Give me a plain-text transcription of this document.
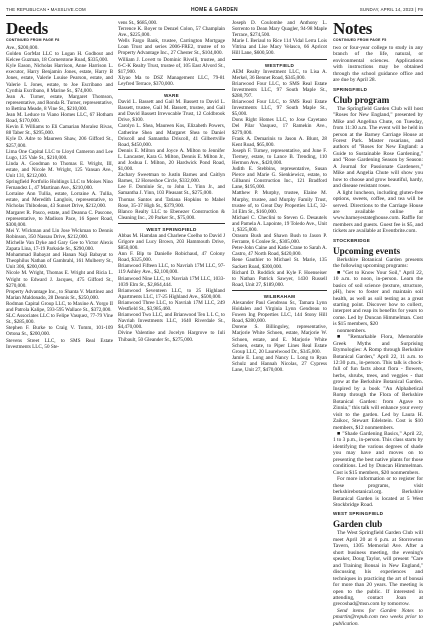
THE REPUBLICAN • MASSLIVE.COM	HOME & GARDEN	SUNDAY, APRIL 14, 2023 | F9
Deeds
CONTINUED FROM PAGE F8

Ave., $200,000.

Golden GorMat LLC to Logan H. Godbout and Kelcee Guzman, 18 Cornerstone Road, $335,000.

Kyle Eason, Nicholas Harrison, Anne Harrison L. executor, Harry Benjamin Jones, estate, Harry B Jones, estate, Valerie Louise Pearson, estate, and Valerie L Jones, estate, to Joe Escribano and Cynthia Escribano, 8 Marine St., $74,000.

Jean A. Turner, estate, Margaret Thomson, representative, and Ronda R. Turner, representative, to Bettina Meade, 8 Vine St., $210,000.

Jean M. Leduce to Viano Homes LLC, 67 Hotham Road, $170,000.

Kevin E Williams to Eli Camarian Moralez Rivas, 88 Taber St., $295,000.

Kyle D. Adre to Maureen Shaw, 206 Gifford St., $257,000.

Lima One Capital LLC to Lloyd Cameron and Lee Lugo, 125 Vale St., $210,000.

Linda A. Goodman to Thomas E. Wright, III, estate, and Nicole M. Wright, 125 Vansan Ave., Unit 131, $212,000.

Springfield Portfolio Holdings LLC to Moises Nino Fernandez I., 47 Martinan Ave., $210,000.

Lorraine Ann Tullia, estate, Lorraine A. Tullia, estate, and Meredith Langlois, representative, to Nicholas Thibodeau, 43 Sunset Drive, $212,000.

Margaret R. Pasco, estate, and Deanna C. Pascone, representative, to Madison Pace, 16 Speer Road, $300,000.

Mei Y. Wickman and Lin Jose Wickman to Dennis Robinson, 350 Nassau Drive, $212,000.

Michelle Van Dyke and Gary Gee to Victor Alexis Zapata Lina, 17-19 Parkside St., $290,000.

Mohammad Babayat and Hanan Naji Babayat to Theophilus Nathan of Gambrahl, 161 Mulberry St., Unit 306, $200,000.

Nicole M. Wright, Thomas E. Wright and Ricia L. Wright to Edward J. Jacques, 475 Gifford St., $270,000.

Property Advantage Inc., to Shanta V. Martinez and Marian Maldonado, 28 Dennis St., $250,000.

Rodman Capital Group LLC, to Maxine A. Yorgo II and Patrola Kalipe, 593-595 Wallace St., $372,000.

SLC Associates LLC to Felipe Vasquez, 77-79 Vine St., $285,000.

Stephen F. Burke to Craig V. Tomm, 101-109 Ortona St., $200,000.

Stevens Street LLC, to SMS Real Estate Investments LLC, 50 Ste-

vens St., $685,000.

Terrence K. Boyer to Denzel Colon, 57 Champlain Ave., $225,000.

Wells Fargo Bank, trustee, Carrington Mortgage Loan Trust and series 2006-FRE2, trustee of to Property Advantage Inc., 27 Chester St., $104,000.

William J. Lovett to Dominic Rivelli, trustee, and 6-C-K Realty Trust, trustee of, 105 East Alvord St., $17,900.

Xiyao Ma to DSZ Management LLC, 79-81 Leyfred Terrace, $370,000.

WARE

David L. Bassett and Gail M. Bassett to David L. Bassett, trustee, Gail M. Bassett, trustee, and Gail and David Bassett Irrevocable Trust, 12 Coldbrook Drive, $100.

Carolyn L. Shea, Maureen Kos, Elizabeth Powers, Catherine Shea and Margaret Shea to Daniel Driscoll and Samantha Driscoll, 41 Gilbertville Road, $450,000.

Dennis E. Milton and Joyce A. Milton to Jennifer L. Lancaster, Kara G. Milton, Dennis E. Milton Jr., and Joshua I. Milton, 20 Hardwick Pond Road, $1,000.

Zachary Sweetman to Justin Barnes and Caitlyn Barnes, 12 Horseshoe Circle, $332,000.

Lee F. Dominie Sr., to John L. Yinn Jr., and Samantha J. Yinn, 103 Pleasant St., $275,000.

Thomas Santos and Tatiana Hopkins to Mabel Rose, 35-37 High St., $379,900.

Blanco Realty LLC to Ebenezer Construction & Cleaning Inc., 20 Parker St., $75,000.

WEST SPRINGFIELD

Abbas M. Hamdan and Charlene Coelho to David J Grigore and Lucy Brown, 203 Hammouth Drive, $850,000.

Ann F. Bip to Danielle Robichaud, 47 Colony Road, $325,000.

Brianwood Fifteen LLC, to Navriah 17M LLC, 97-119 Ashley Ave., $2,100,000.

Brianwood Nine LLC, to Navriah 17M LLC, 1033-1039 Elm St., $2,864,444.

Brianwood Seventeen LLC, to 25 Highland Apartments LLC, 17-25 Highland Ave., $500,000.

Brianwood Three LLC, to Navriah 17M LLC, 249 Westfield St., $3,985,460.

Brianwood Two LLC, and Brianwood Ten L L C, to Navriah Investments LLC, 1640 Riverdale St., $4,470,000.

Divine Valentine and Jocelyn Hargrove to Iuli Thibault, 50 Gleander St., $275,000.

Joseph D. Coulombe and Anthony L. Sorrento to Dean Mary Quagler, 94-98 Maple Terrace, $274,500.

Marie I. Beriaul to Rice 114 Vidal Lerra Lois Vitrina and Lise Macy Velasco, 66 Apricot Hill Lane, $600,500.

WESTFIELD

AEM Realty Investment LLC, to Lisa A. Merkel, 36 Bennet Road, $345,000.

Briarwood Four LLC, to SMS Real Estate Investments LLC, 97 South Maple St., $280,797.

Briarwood Four LLC, to SMS Real Estate Investments LLC, 97 South Maple St., $5,000.

Dons Right Homes LLC, to Jose Cayetano Del Pilar Vasquez, 17 Ramekin Ave., $279,000.

Frank A. Demarinis to Jason A. Blunt, 28 Kent Road, $65,000.

Joseph F. Turney, representative, and June F. Tierney, estate, to Lance B. Trending, 110 Hermon Ave., $420,000.

Judith E. Stebbins, representative, Susan Pierce and Marie G. Sienkiewicz, estate, to Gilbanni Construction Inc., 121 Bradford Lane, $195,000.

Matthew P. Murphy, trustee, Elaine M. Murphy, trustee, and Murphy Family Trust, trustee of, to Great Day Properties LLC, 32-34 Elm St., $160,000.

Michael C. Checlini to Steven G. Desautels and Pamela A. Lapointe, 19 Toledo Ave., Unit 1, $325,000.

Orasom Bush and Shawn Bush to Jason P. Ferrante, 6 Conlee St., $305,000.

Peter-John Caine and Katie Crane to Sarah A. Castro, 47 North Road, $420,000.

Rene Gauthier to Michael St. Marie, 135 Sackett Road, $300,000.

Richard D. Roddick and Kyle F. Hoenseiser to Nathan Patrick Sawyer, 1430 Russell Road, Unit 27, $189,000.

WILBRAHAM

Alexander Paul Gendreau Sr., Tamara Lynn Hoidalen and Virginia Lynn Gendreau to Fuwen Ing Properties LLC, 144 Stony Hill Road, $280,000.

Dorene S. Billingsley, representative, Marjorie White Schoen, estate, Marjorie W. Schoen, estate, and E. Marjorie White Schoen, estate, to Piper Lines Real Estate Group LLC, 20 Laurelwood Dr., $345,000.

Jamie E. Long and Nancy L. Long to Ryan Schulz and Hannah Nicolas, 27 Cypress Lane, Unit 27, $470,000.

Notes
CONTINUED FROM PAGE F5

two or four-year college to study in any branch of the life, natural, or environmental sciences. Applications with instructions may be obtained through the school guidance office and are due by April 28.

SPRINGFIELD
Club program

The Springfield Garden Club will host "Roses for New England," presented by Mike and Angelina Chute, on Tuesday, from 11:30 a.m. The event will be held in person at the Barney Carriage House at Forest Park. Master rosarians, and authors of "Roses for New England: a Guide to Sustainable Rose Gardening," and "Rose Gardening Season by Season: A Journal for Passionate Gardeners," Mike and Angelia Chute will show you how to choose and grow beautiful, hardy, and disease resistant roses.

A light luncheon, including gluten-free options, sweets, coffee, and tea will be served. Directions to the Carriage House are available online at www.barneyestateghouse.com. Raffle for members and guests. Guest fee is $5, and tickets are available at Eventbrite.com.

STOCKBRIDGE
Upcoming events

Berkshire Botanical Garden presents the following upcoming programs:

■ "Get to Know Your Soil," April 22, 10 a.m. to noon, in-person. Learn the basics of soil science (texture, structure, pH), how to foster and maintain soil health, as well as soil testing as a great starting point. Discover how to collect, interpret and reap its benefits for years to come. Led by Duncan Himmelman. Cost is $15 members, $20

nonmembers.

■ "Remarkable Flora, Memorable Greek Myths and Surprising Etymologies: A Romp through Berkshire Botanical Garden," April 22, 11 a.m. to 12:30 p.m., in-person. This talk is chock-full of fun facts about flora - flowers, herbs, shrubs, trees, and veggies - that grow at the Berkshire Botanical Garden. Inspired by a book "An Alphabetical Romp through the Flora of Berkshire Botanical Garden: from Agave to Zinnia," this talk will enhance your every visit to the garden. Led by Laura H. Zaikoc, Stewart Edelstein. Cost is $10 members, $12 nonmembers.

■ "Shade Gardening Basics," April 22, 1 to 3 p.m., in-person. This class starts by identifying the various degrees of shade you may have and moves on to presenting the best native plants for those conditions. Led by Duncan Himmelman. Cost is $15 members, $20 nonmembers.

For more information or to register for these programs, visit berkshirebotanical.org. Berkshire Botanical Garden is located at 5 West Stockbridge Road.

WEST SPRINGFIELD
Garden club

The West Springfield Garden Club will meet April 20 at 6 p.m. at Storrowton Tavern, 1305 Memorial Ave. After a short business meeting, the evening's speaker, Doug Taylor, will present "Care and Training Bonsai in New England," discussing his experiences and techniques in practicing the art of bonsai for more than 20 years. The meeting is open to the public. If interested in attending, contact Joan at grecoshad@msn.com by tomorrow.

Send items for Garden Notes to pmartin@repub.com two weeks prior to publication.
